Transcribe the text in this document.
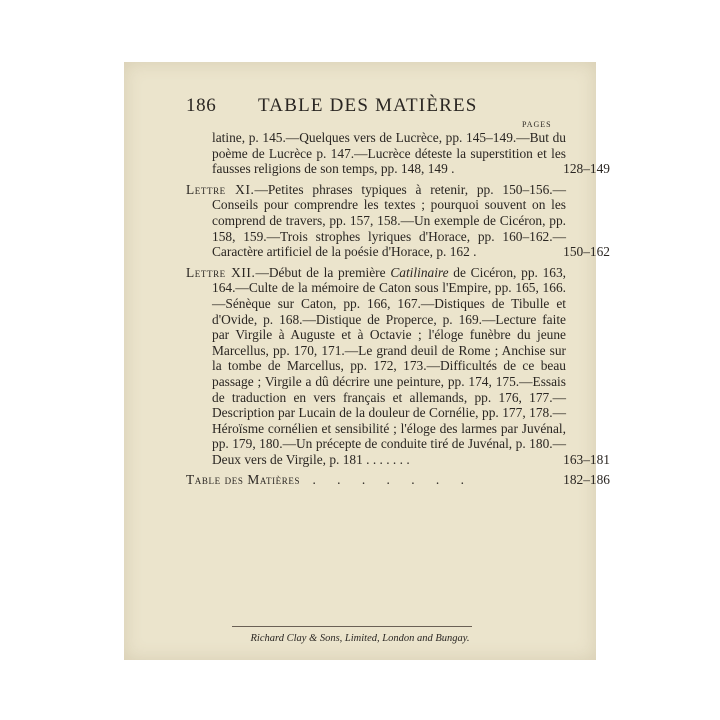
186 TABLE DES MATIÈRES
PAGES

latine, p. 145.—Quelques vers de Lucrèce, pp. 145–149.—But du poème de Lucrèce p. 147.—Lucrèce déteste la superstition et les fausses religions de son temps, pp. 148, 149 .	128–149

Lettre XI.—Petites phrases typiques à retenir, pp. 150–156.—Conseils pour comprendre les textes ; pourquoi souvent on les comprend de travers, pp. 157, 158.—Un exemple de Cicéron, pp. 158, 159.—Trois strophes lyriques d'Horace, pp. 160–162.—Caractère artificiel de la poésie d'Horace, p. 162 .	150–162

Lettre XII.—Début de la première Catilinaire de Cicéron, pp. 163, 164.—Culte de la mémoire de Caton sous l'Empire, pp. 165, 166.—Sénèque sur Caton, pp. 166, 167.—Distiques de Tibulle et d'Ovide, p. 168.—Distique de Properce, p. 169.—Lecture faite par Virgile à Auguste et à Octavie ; l'éloge funèbre du jeune Marcellus, pp. 170, 171.—Le grand deuil de Rome ; Anchise sur la tombe de Marcellus, pp. 172, 173.—Difficultés de ce beau passage ; Virgile a dû décrire une peinture, pp. 174, 175.—Essais de traduction en vers français et allemands, pp. 176, 177.—Description par Lucain de la douleur de Cornélie, pp. 177, 178.—Héroïsme cornélien et sensibilité ; l'éloge des larmes par Juvénal, pp. 179, 180.—Un précepte de conduite tiré de Juvénal, p. 180.—Deux vers de Virgile, p. 181 . . . . . . .	163–181

Table des Matières . . . . . . .	182–186
Richard Clay & Sons, Limited, London and Bungay.
